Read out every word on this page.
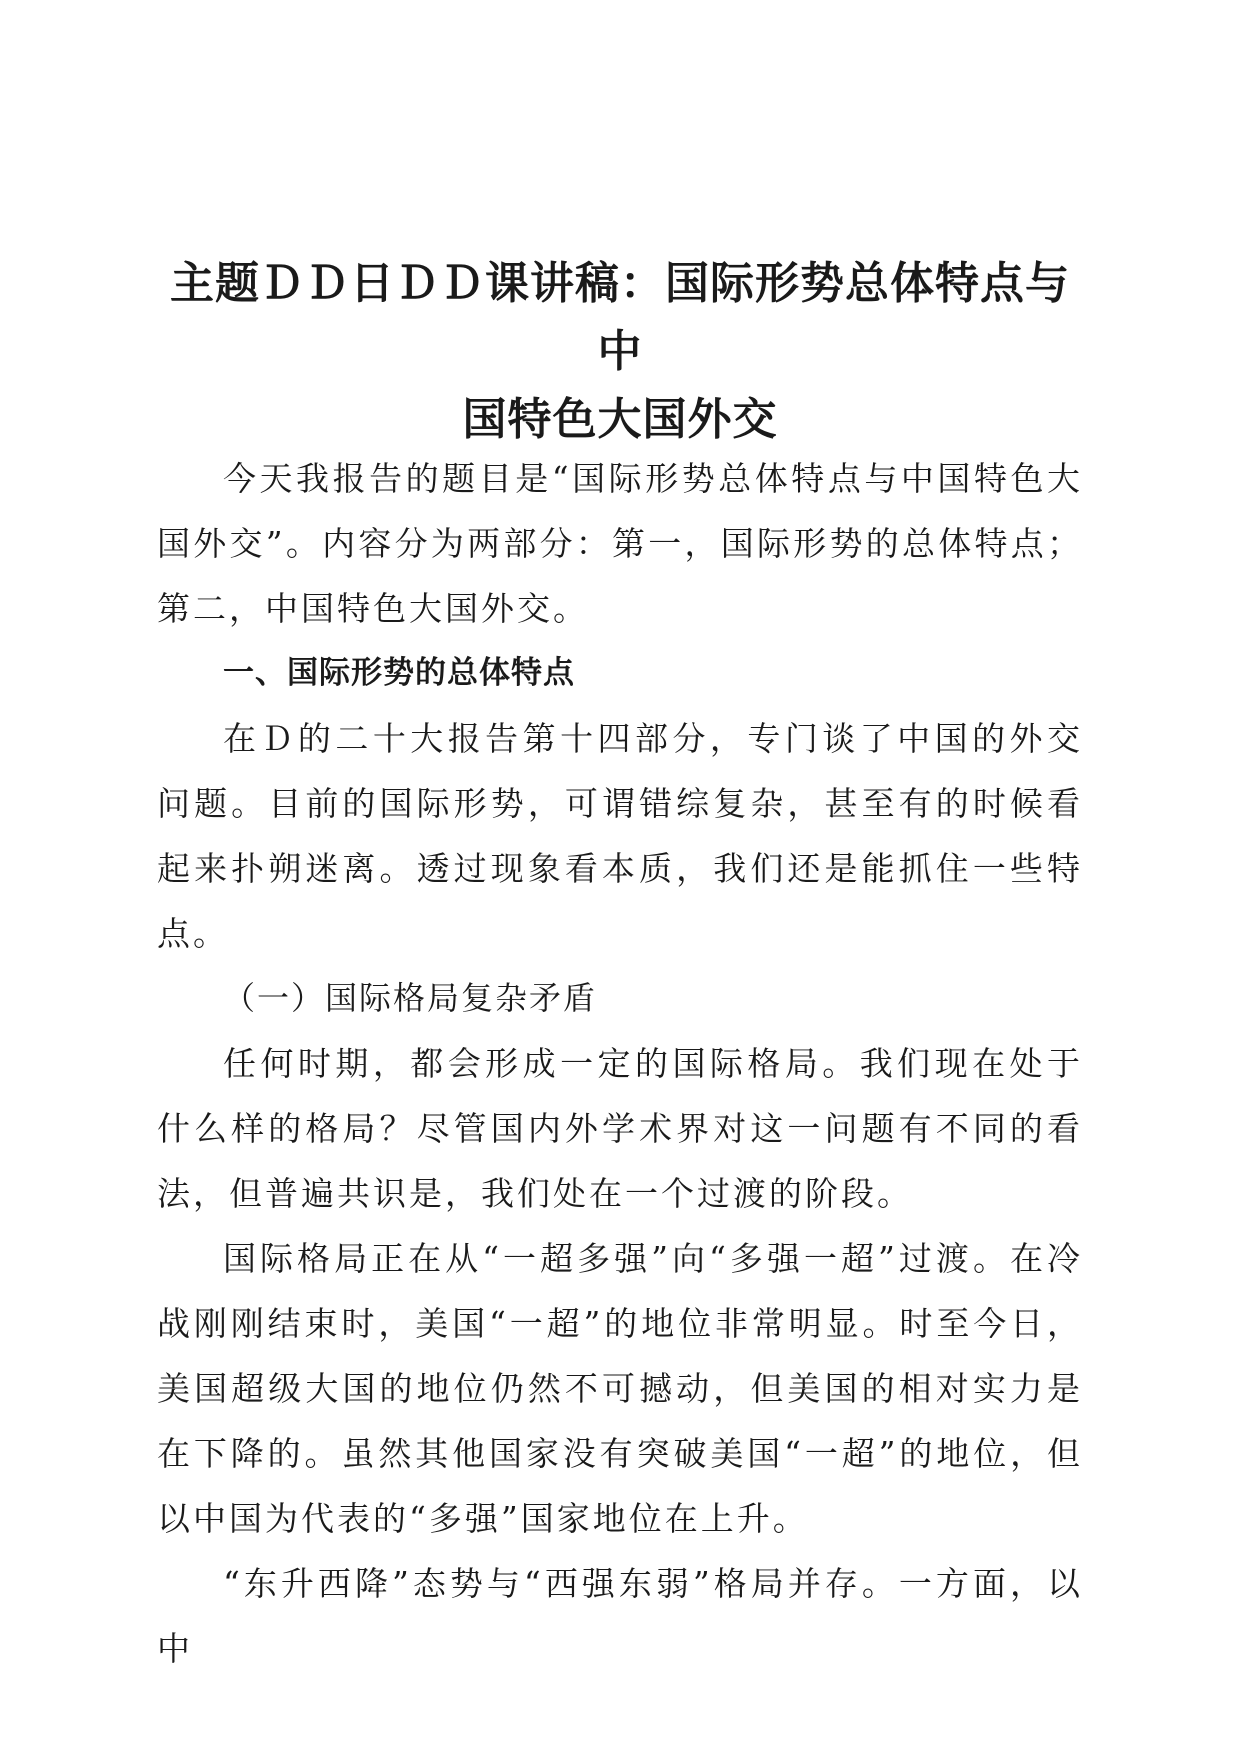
主题ＤＤ日ＤＤ课讲稿：国际形势总体特点与中
国特色大国外交

今天我报告的题目是“国际形势总体特点与中国特色大国外交”。内容分为两部分：第一，国际形势的总体特点；第二，中国特色大国外交。

一、国际形势的总体特点

在Ｄ的二十大报告第十四部分，专门谈了中国的外交问题。目前的国际形势，可谓错综复杂，甚至有的时候看起来扑朔迷离。透过现象看本质，我们还是能抓住一些特点。

（一）国际格局复杂矛盾

任何时期，都会形成一定的国际格局。我们现在处于什么样的格局？尽管国内外学术界对这一问题有不同的看法，但普遍共识是，我们处在一个过渡的阶段。

国际格局正在从“一超多强”向“多强一超”过渡。在冷战刚刚结束时，美国“一超”的地位非常明显。时至今日，美国超级大国的地位仍然不可撼动，但美国的相对实力是在下降的。虽然其他国家没有突破美国“一超”的地位，但以中国为代表的“多强”国家地位在上升。

“东升西降”态势与“西强东弱”格局并存。一方面，以中
